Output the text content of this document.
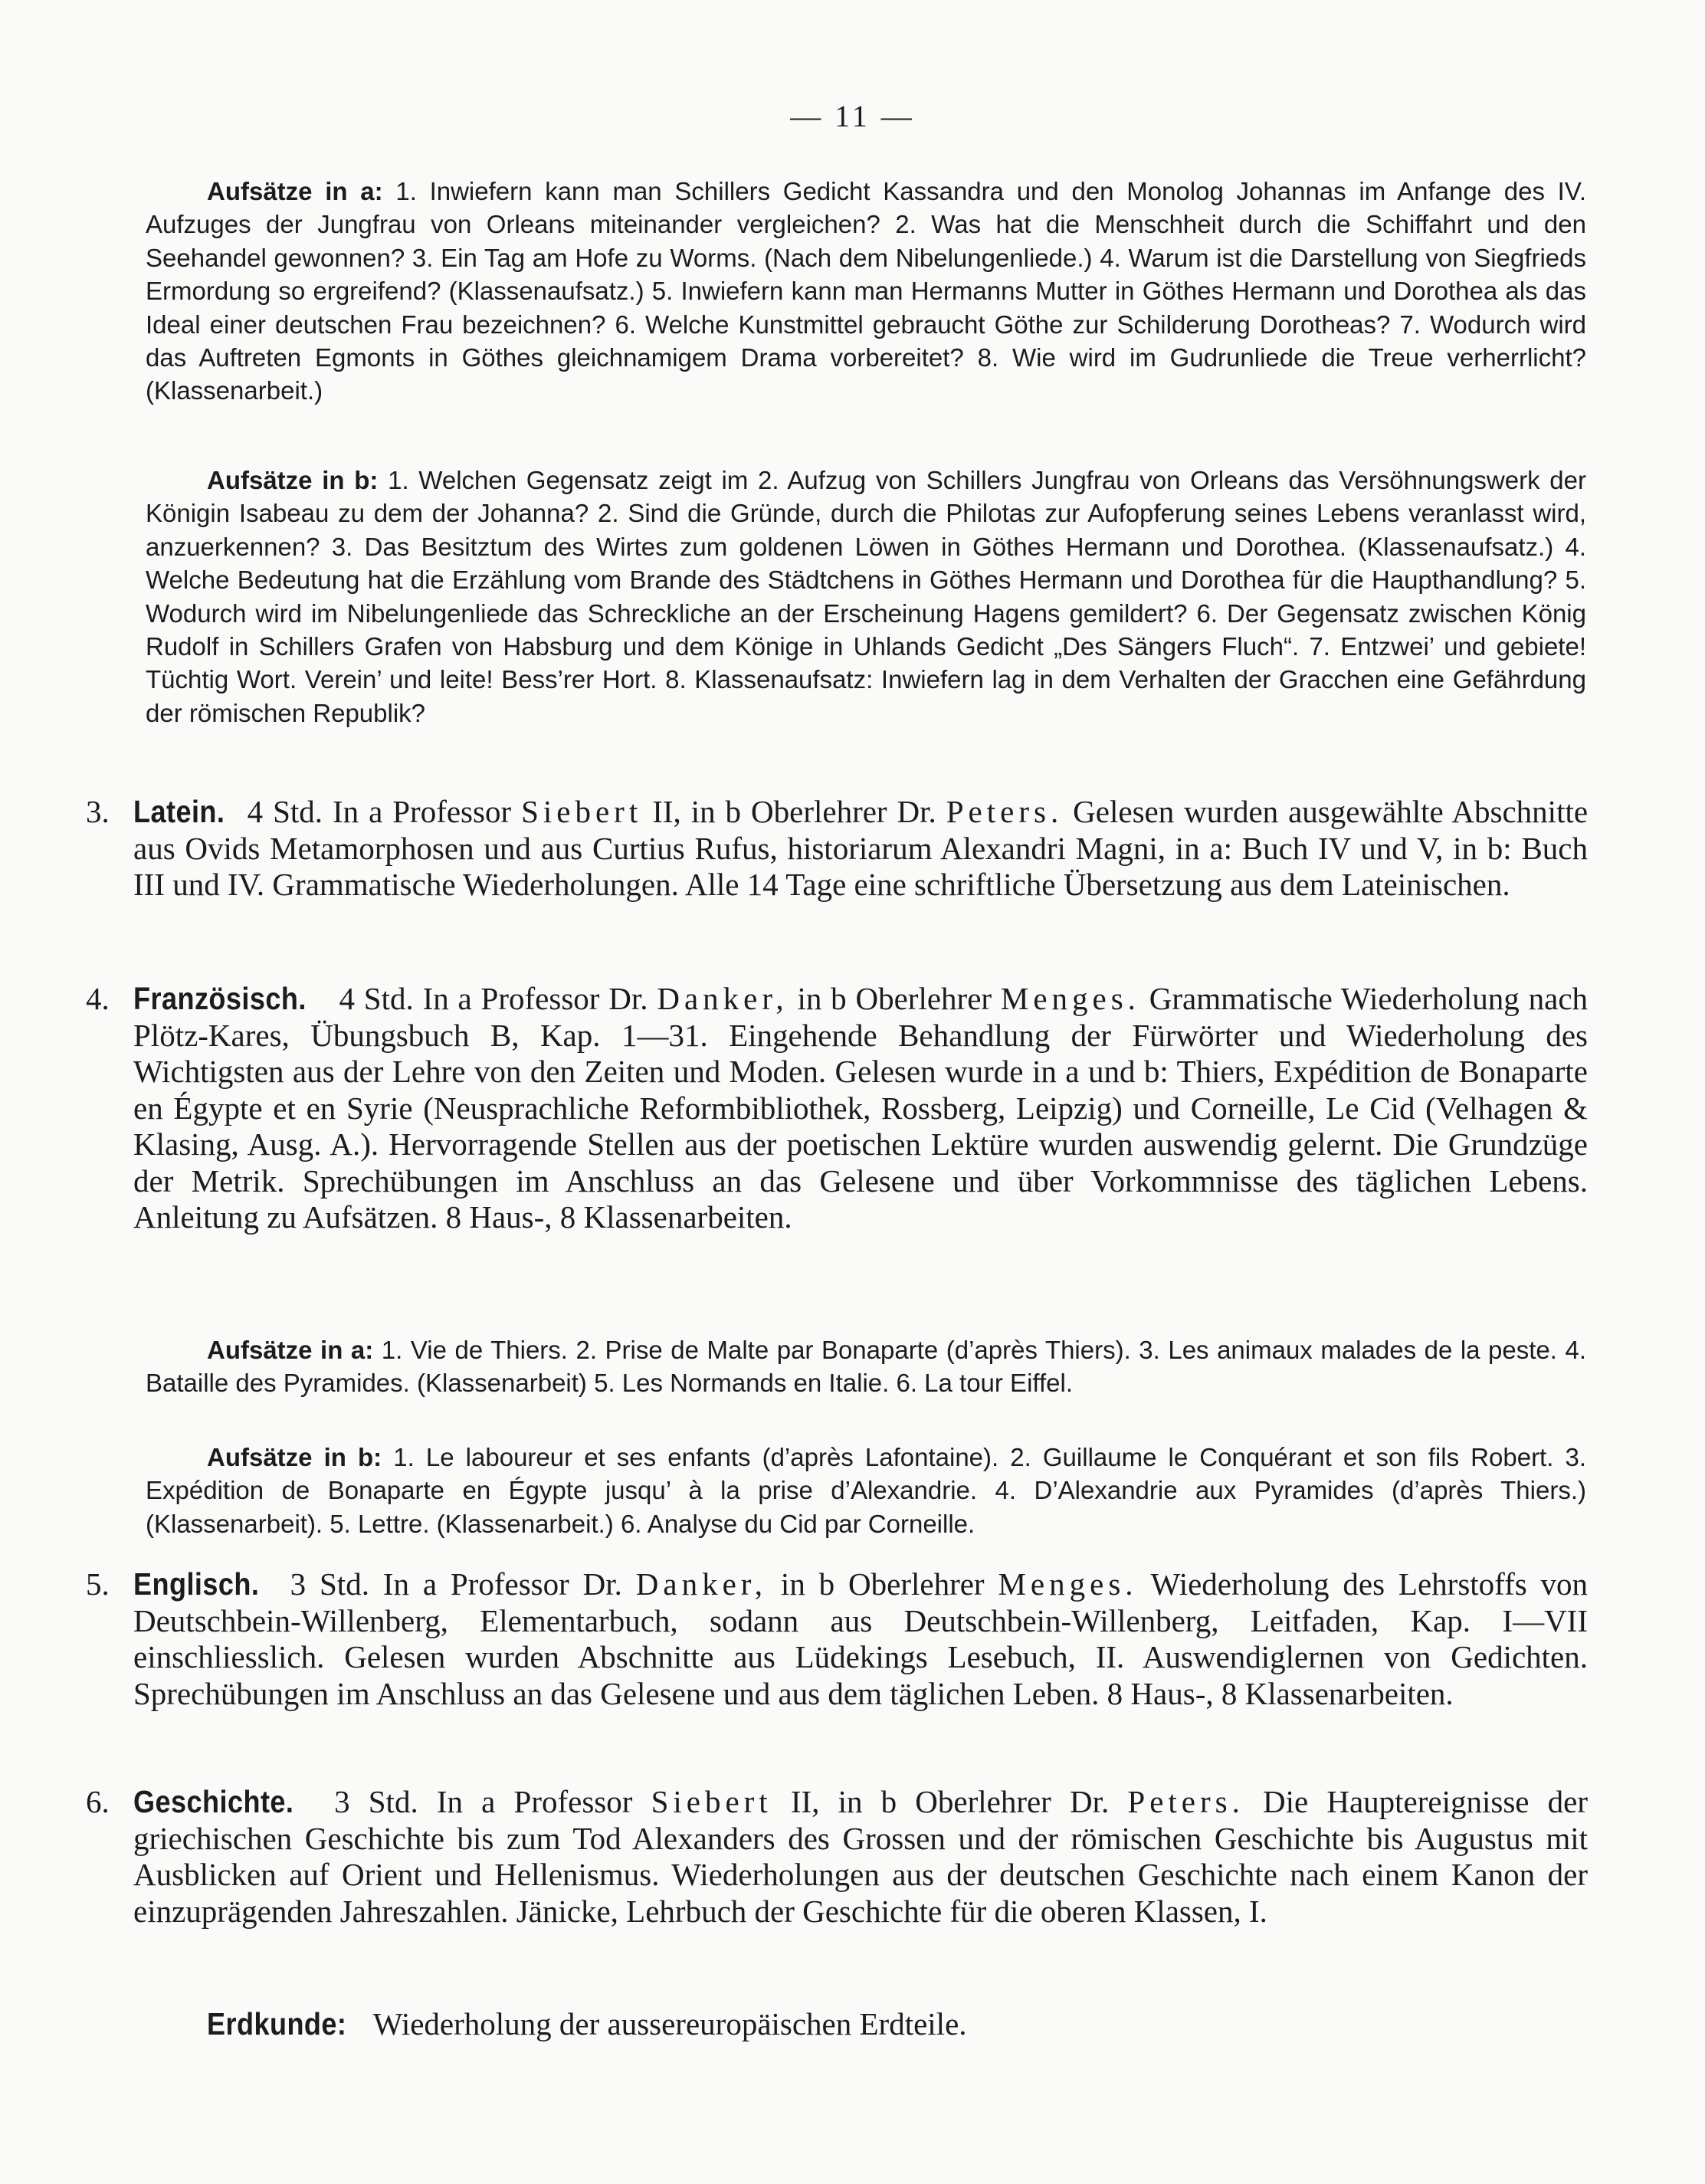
— 11 —

Aufsätze in a: 1. Inwiefern kann man Schillers Gedicht Kassandra und den Monolog Johannas im Anfange des IV. Aufzuges der Jungfrau von Orleans miteinander vergleichen? 2. Was hat die Menschheit durch die Schiffahrt und den Seehandel gewonnen? 3. Ein Tag am Hofe zu Worms. (Nach dem Nibelungenliede.) 4. Warum ist die Darstellung von Siegfrieds Ermordung so ergreifend? (Klassenaufsatz.) 5. Inwiefern kann man Hermanns Mutter in Göthes Hermann und Dorothea als das Ideal einer deutschen Frau bezeichnen? 6. Welche Kunstmittel gebraucht Göthe zur Schilderung Dorotheas? 7. Wodurch wird das Auftreten Egmonts in Göthes gleichnamigem Drama vorbereitet? 8. Wie wird im Gudrunliede die Treue verherrlicht? (Klassenarbeit.)

Aufsätze in b: 1. Welchen Gegensatz zeigt im 2. Aufzug von Schillers Jungfrau von Orleans das Versöhnungswerk der Königin Isabeau zu dem der Johanna? 2. Sind die Gründe, durch die Philotas zur Aufopferung seines Lebens veranlasst wird, anzuerkennen? 3. Das Besitztum des Wirtes zum goldenen Löwen in Göthes Hermann und Dorothea. (Klassenaufsatz.) 4. Welche Bedeutung hat die Erzählung vom Brande des Städtchens in Göthes Hermann und Dorothea für die Haupthandlung? 5. Wodurch wird im Nibelungenliede das Schreckliche an der Erscheinung Hagens gemildert? 6. Der Gegensatz zwischen König Rudolf in Schillers Grafen von Habsburg und dem Könige in Uhlands Gedicht „Des Sängers Fluch“. 7. Entzwei’ und gebiete! Tüchtig Wort. Verein’ und leite! Bess’rer Hort. 8. Klassenaufsatz: Inwiefern lag in dem Verhalten der Gracchen eine Gefährdung der römischen Republik?

3. Latein. 4 Std. In a Professor Siebert II, in b Oberlehrer Dr. Peters. Gelesen wurden ausgewählte Abschnitte aus Ovids Metamorphosen und aus Curtius Rufus, historiarum Alexandri Magni, in a: Buch IV und V, in b: Buch III und IV. Grammatische Wiederholungen. Alle 14 Tage eine schriftliche Übersetzung aus dem Lateinischen.
4. Französisch. 4 Std. In a Professor Dr. Danker, in b Oberlehrer Menges. Grammatische Wiederholung nach Plötz-Kares, Übungsbuch B, Kap. 1—31. Eingehende Behandlung der Fürwörter und Wiederholung des Wichtigsten aus der Lehre von den Zeiten und Moden. Gelesen wurde in a und b: Thiers, Expédition de Bonaparte en Égypte et en Syrie (Neusprachliche Reformbibliothek, Rossberg, Leipzig) und Corneille, Le Cid (Velhagen & Klasing, Ausg. A.). Hervorragende Stellen aus der poetischen Lektüre wurden auswendig gelernt. Die Grundzüge der Metrik. Sprechübungen im Anschluss an das Gelesene und über Vorkommnisse des täglichen Lebens. Anleitung zu Aufsätzen. 8 Haus-, 8 Klassenarbeiten.

Aufsätze in a: 1. Vie de Thiers. 2. Prise de Malte par Bonaparte (d’après Thiers). 3. Les animaux malades de la peste. 4. Bataille des Pyramides. (Klassenarbeit) 5. Les Normands en Italie. 6. La tour Eiffel.

Aufsätze in b: 1. Le laboureur et ses enfants (d’après Lafontaine). 2. Guillaume le Conquérant et son fils Robert. 3. Expédition de Bonaparte en Égypte jusqu’ à la prise d’Alexandrie. 4. D’Alexandrie aux Pyramides (d’après Thiers.) (Klassenarbeit). 5. Lettre. (Klassenarbeit.) 6. Analyse du Cid par Corneille.

5. Englisch. 3 Std. In a Professor Dr. Danker, in b Oberlehrer Menges. Wiederholung des Lehrstoffs von Deutschbein-Willenberg, Elementarbuch, sodann aus Deutschbein-Willenberg, Leitfaden, Kap. I—VII einschliesslich. Gelesen wurden Abschnitte aus Lüdekings Lesebuch, II. Auswendiglernen von Gedichten. Sprechübungen im Anschluss an das Gelesene und aus dem täglichen Leben. 8 Haus-, 8 Klassenarbeiten.
6. Geschichte. 3 Std. In a Professor Siebert II, in b Oberlehrer Dr. Peters. Die Hauptereignisse der griechischen Geschichte bis zum Tod Alexanders des Grossen und der römischen Geschichte bis Augustus mit Ausblicken auf Orient und Hellenismus. Wiederholungen aus der deutschen Geschichte nach einem Kanon der einzuprägenden Jahreszahlen. Jänicke, Lehrbuch der Geschichte für die oberen Klassen, I.
Erdkunde: Wiederholung der aussereuropäischen Erdteile.
